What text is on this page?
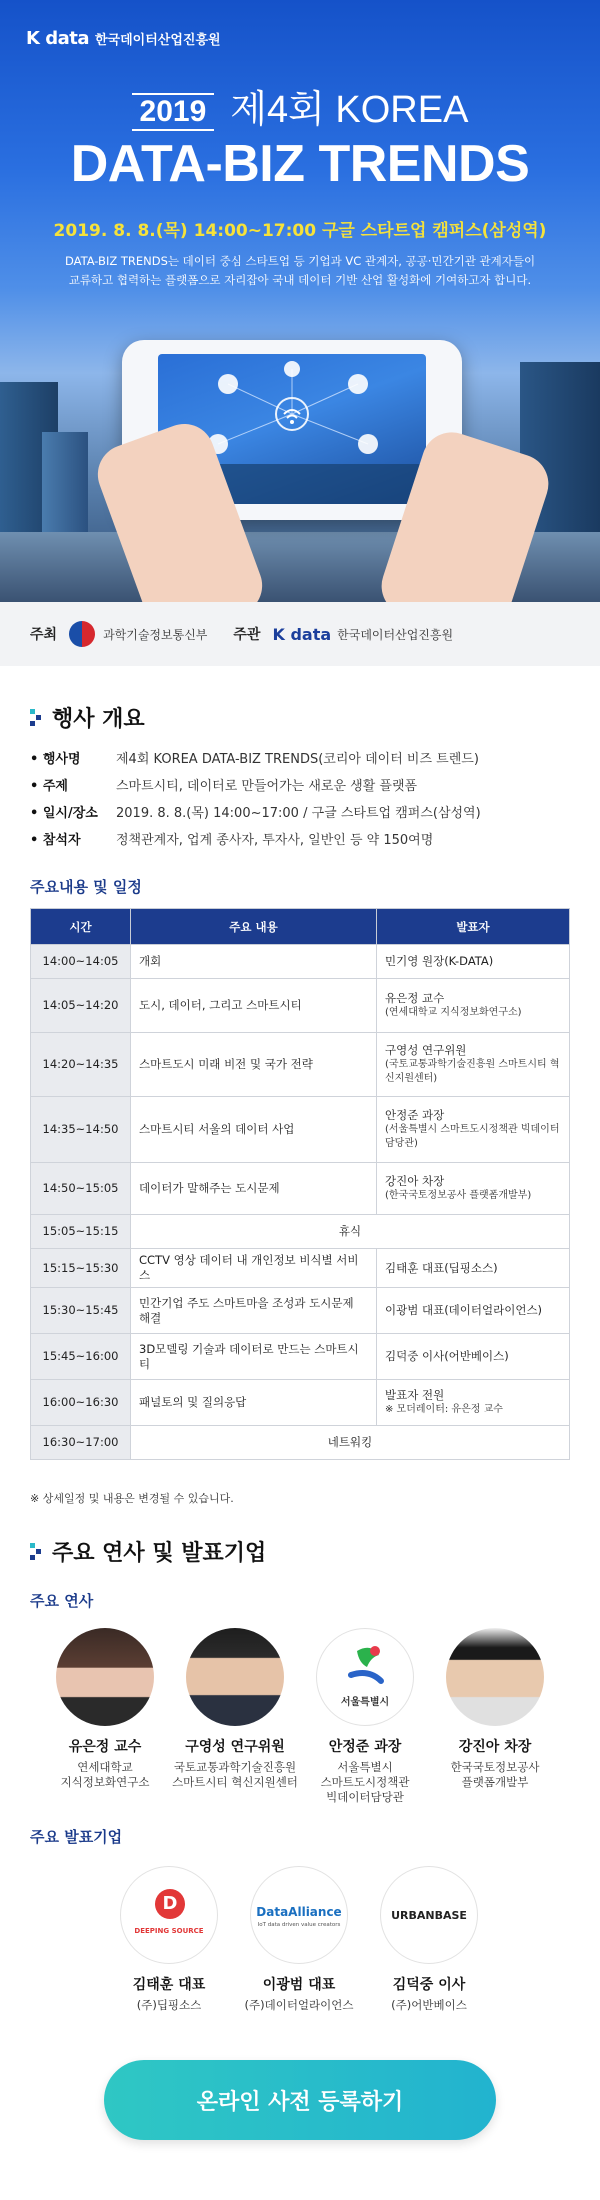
K data 한국데이터산업진흥원
2019 제4회 KOREA
DATA-BIZ TRENDS
2019. 8. 8.(목) 14:00~17:00 구글 스타트업 캠퍼스(삼성역)
DATA-BIZ TRENDS는 데이터 중심 스타트업 등 기업과 VC 관계자, 공공·민간기관 관계자들이
교류하고 협력하는 플랫폼으로 자리잡아 국내 데이터 기반 산업 활성화에 기여하고자 합니다.
주최	과학기술정보통신부 주관 K data 한국데이터산업진흥원
행사 개요
• 행사명	제4회 KOREA DATA-BIZ TRENDS(코리아 데이터 비즈 트렌드)
• 주제	스마트시티, 데이터로 만들어가는 새로운 생활 플랫폼
• 일시/장소	2019. 8. 8.(목) 14:00~17:00 / 구글 스타트업 캠퍼스(삼성역)
• 참석자	정책관계자, 업계 종사자, 투자사, 일반인 등 약 150여명
주요내용 및 일정
시간	주요 내용	발표자
14:00~14:05	개회	민기영 원장(K-DATA)
14:05~14:20	도시, 데이터, 그리고 스마트시티	유은정 교수
(연세대학교 지식정보화연구소)

14:20~14:35	스마트도시 미래 비전 및 국가 전략	구영성 연구위원
(국토교통과학기술진흥원 스마트시티 혁신지원센터)

14:35~14:50	스마트시티 서울의 데이터 사업	안정준 과장
(서울특별시 스마트도시정책관 빅데이터담당관)

14:50~15:05	데이터가 말해주는 도시문제	강진아 차장
(한국국토정보공사 플랫폼개발부)

15:05~15:15	휴식	
15:15~15:30	CCTV 영상 데이터 내 개인정보 비식별 서비스	김태훈 대표(딥핑소스)
15:30~15:45	민간기업 주도 스마트마을 조성과 도시문제 해결	이광범 대표(데이터얼라이언스)
15:45~16:00	3D모델링 기술과 데이터로 만드는 스마트시티	김덕중 이사(어반베이스)
16:00~16:30	패널토의 및 질의응답	발표자 전원
※ 모더레이터: 유은정 교수

16:30~17:00	네트워킹	
※ 상세일정 및 내용은 변경될 수 있습니다.
주요 연사 및 발표기업
주요 연사
유은정 교수
연세대학교
지식정보화연구소
구영성 연구위원
국토교통과학기술진흥원
스마트시티 혁신지원센터
서울특별시
안정준 과장
서울특별시
스마트도시정책관
빅데이터담당관
강진아 차장
한국국토정보공사
플랫폼개발부
주요 발표기업
D
DEEPING SOURCE
김태훈 대표
(주)딥핑소스
DataAlliance
IoT data driven value creators
이광범 대표
(주)데이터얼라이언스
URBANBASE
김덕중 이사
(주)어반베이스
온라인 사전 등록하기
